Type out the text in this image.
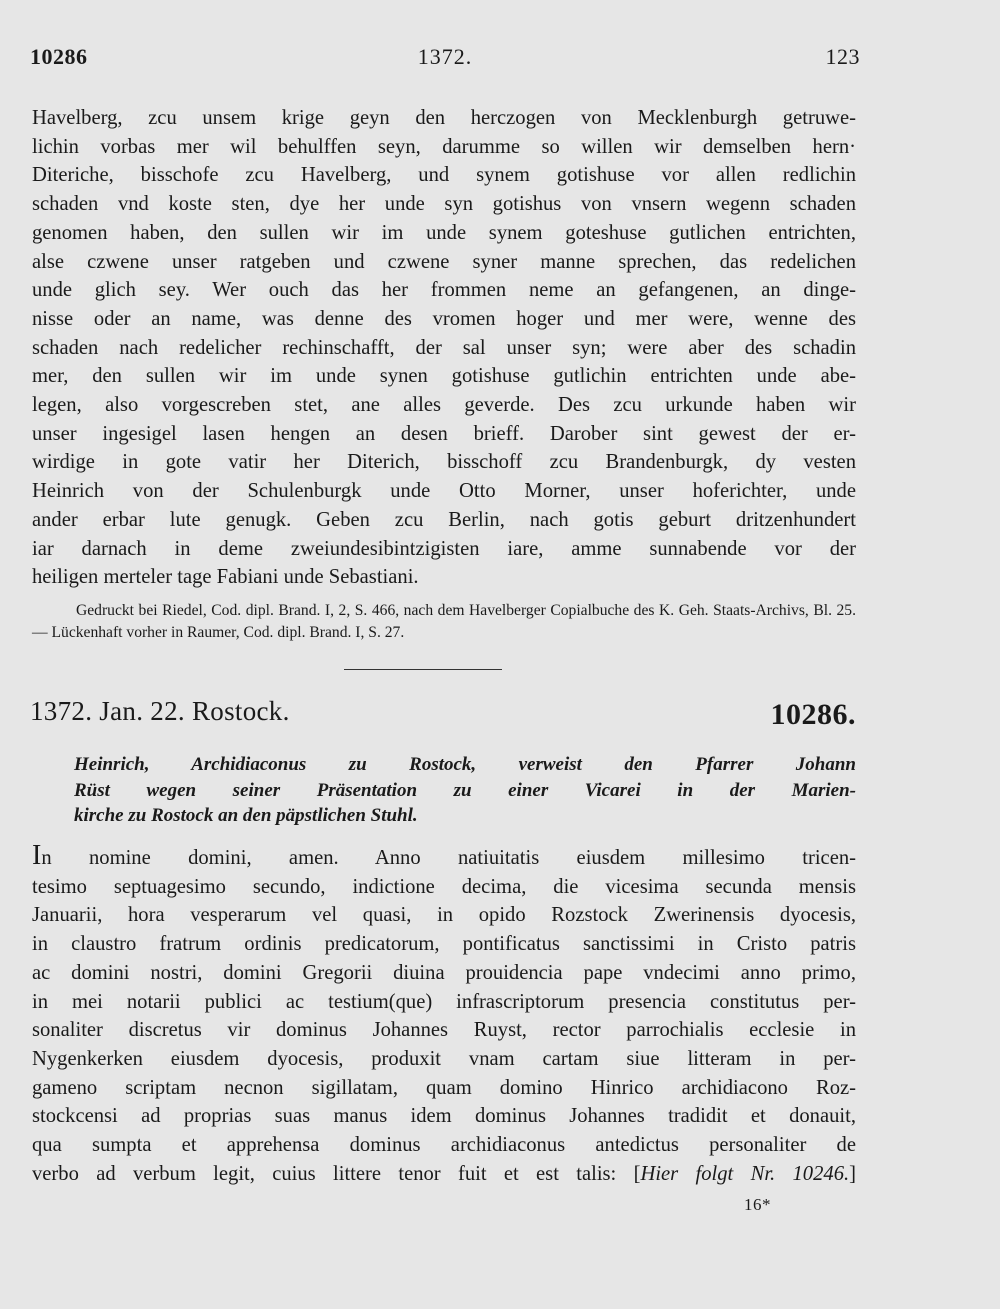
10286	1372.	123
Havelberg, zcu unsem krige geyn den herczogen von Mecklenburgh getruwe-
lichin vorbas mer wil behulffen seyn, darumme so willen wir demselben hern·
Diteriche, bisschofe zcu Havelberg, und synem gotishuse vor allen redlichin
schaden vnd koste sten, dye her unde syn gotishus von vnsern wegenn schaden
genomen haben, den sullen wir im unde synem goteshuse gutlichen entrichten,
alse czwene unser ratgeben und czwene syner manne sprechen, das redelichen
unde glich sey. Wer ouch das her frommen neme an gefangenen, an dinge-
nisse oder an name, was denne des vromen hoger und mer were, wenne des
schaden nach redelicher rechinschafft, der sal unser syn; were aber des schadin
mer, den sullen wir im unde synen gotishuse gutlichin entrichten unde abe-
legen, also vorgescreben stet, ane alles geverde. Des zcu urkunde haben wir
unser ingesigel lasen hengen an desen brieff. Darober sint gewest der er-
wirdige in gote vatir her Diterich, bisschoff zcu Brandenburgk, dy vesten
Heinrich von der Schulenburgk unde Otto Morner, unser hoferichter, unde
ander erbar lute genugk. Geben zcu Berlin, nach gotis geburt dritzenhundert
iar darnach in deme zweiundesibintzigisten iare, amme sunnabende vor der
heiligen merteler tage Fabiani unde Sebastiani.
Gedruckt bei Riedel, Cod. dipl. Brand. I, 2, S. 466, nach dem Havelberger Copialbuche des K. Geh. Staats-Archivs, Bl. 25. — Lückenhaft vorher in Raumer, Cod. dipl. Brand. I, S. 27.
1372. Jan. 22. Rostock.	10286.
Heinrich, Archidiaconus zu Rostock, verweist den Pfarrer Johann
Rüst wegen seiner Präsentation zu einer Vicarei in der Marien-
kirche zu Rostock an den päpstlichen Stuhl.
In nomine domini, amen. Anno natiuitatis eiusdem millesimo tricen-
tesimo septuagesimo secundo, indictione decima, die vicesima secunda mensis
Januarii, hora vesperarum vel quasi, in opido Rozstock Zwerinensis dyocesis,
in claustro fratrum ordinis predicatorum, pontificatus sanctissimi in Cristo patris
ac domini nostri, domini Gregorii diuina prouidencia pape vndecimi anno primo,
in mei notarii publici ac testium(que) infrascriptorum presencia constitutus per-
sonaliter discretus vir dominus Johannes Ruyst, rector parrochialis ecclesie in
Nygenkerken eiusdem dyocesis, produxit vnam cartam siue litteram in per-
gameno scriptam necnon sigillatam, quam domino Hinrico archidiacono Roz-
stockcensi ad proprias suas manus idem dominus Johannes tradidit et donauit,
qua sumpta et apprehensa dominus archidiaconus antedictus personaliter de
verbo ad verbum legit, cuius littere tenor fuit et est talis: [Hier folgt Nr. 10246.]
16*
